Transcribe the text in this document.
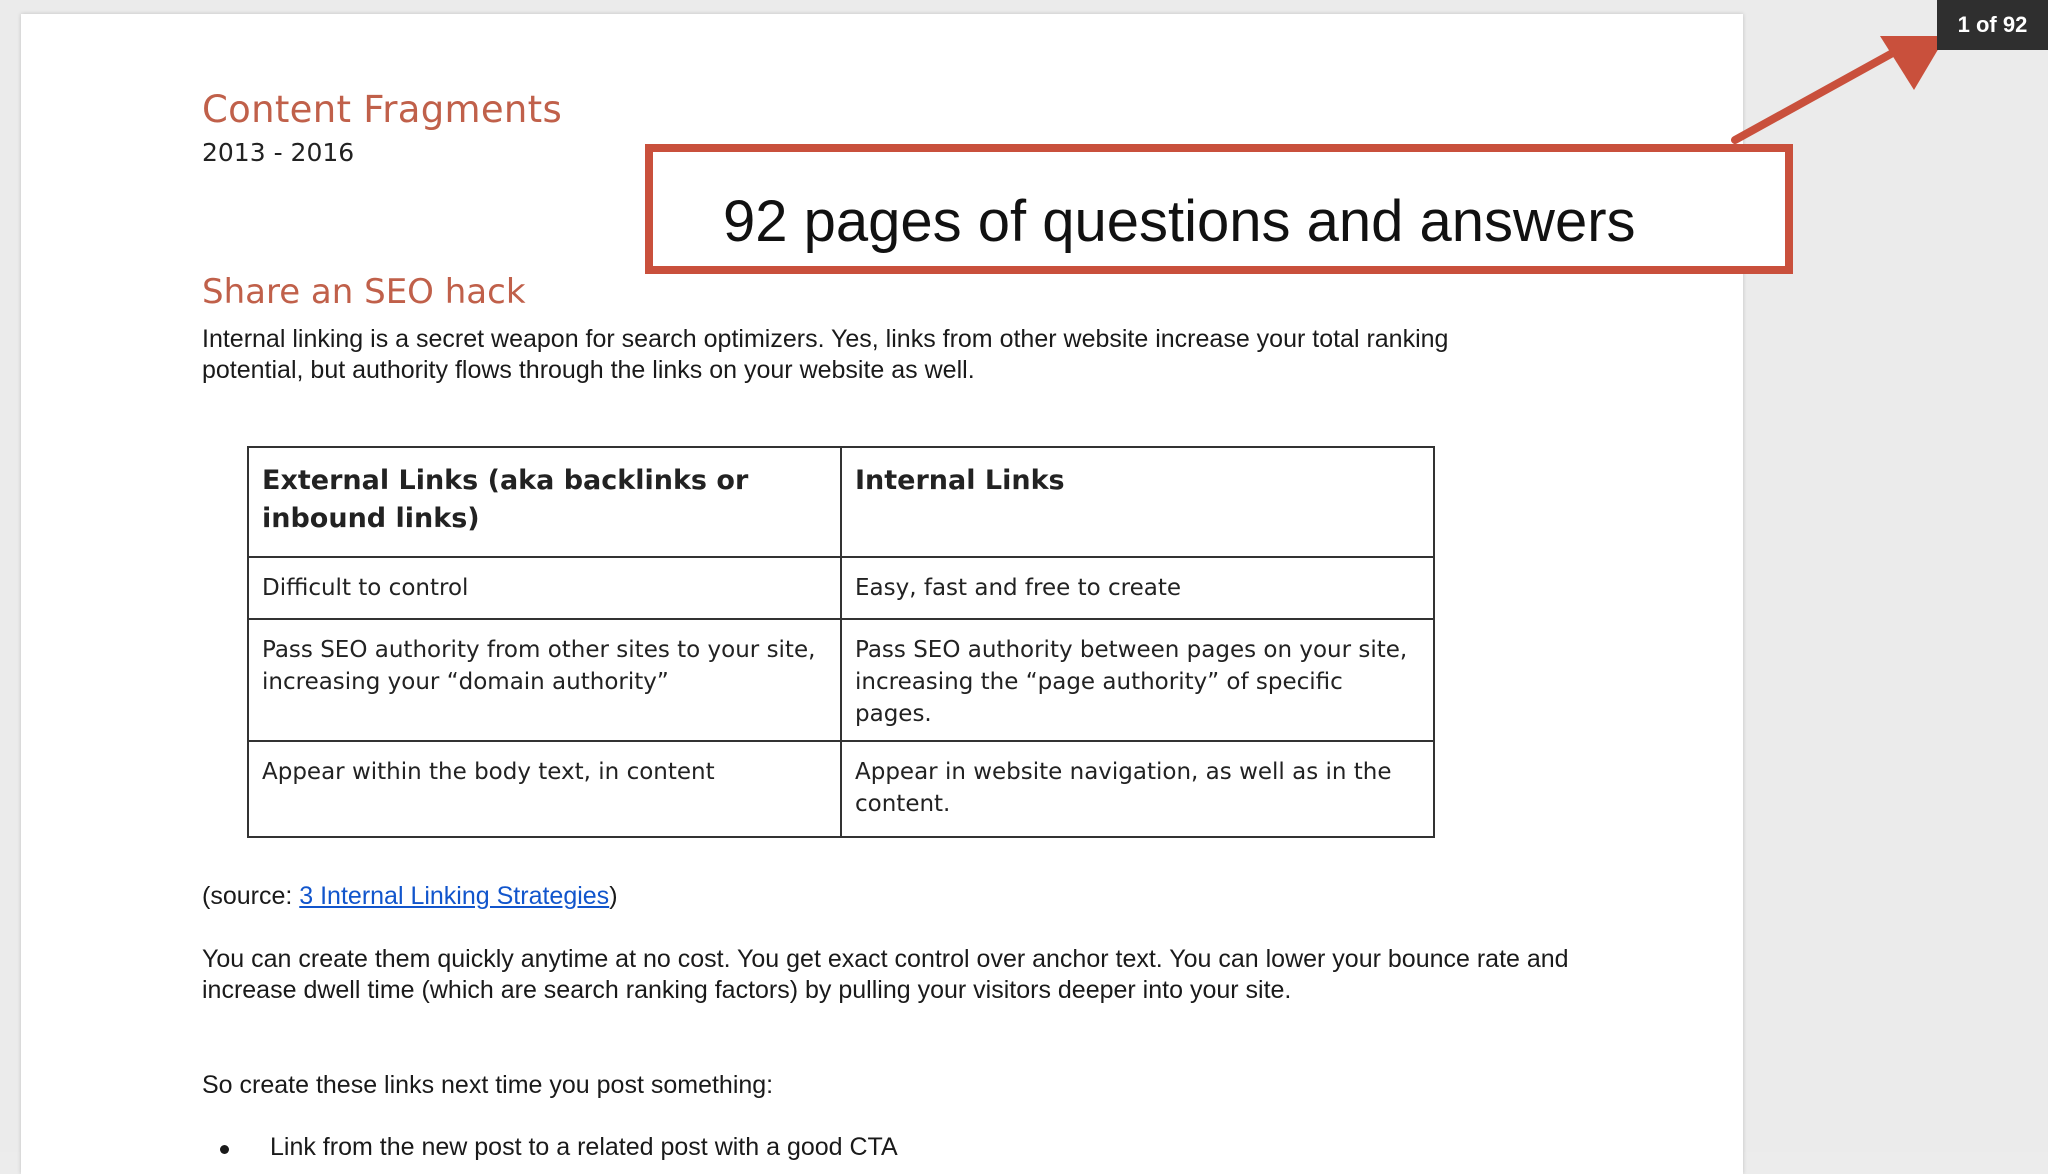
Content Fragments
2013 - 2016
Share an SEO hack
Internal linking is a secret weapon for search optimizers. Yes, links from other website increase your total ranking potential, but authority flows through the links on your website as well.
External Links (aka backlinks or inbound links)	Internal Links
Difficult to control	Easy, fast and free to create
Pass SEO authority from other sites to your site, increasing your “domain authority”	Pass SEO authority between pages on your site, increasing the “page authority” of specific pages.
Appear within the body text, in content	Appear in website navigation, as well as in the content.
(source: 3 Internal Linking Strategies)
You can create them quickly anytime at no cost. You get exact control over anchor text. You can lower your bounce rate and increase dwell time (which are search ranking factors) by pulling your visitors deeper into your site.
So create these links next time you post something:
Link from the new post to a related post with a good CTA
92 pages of questions and answers
1 of 92
